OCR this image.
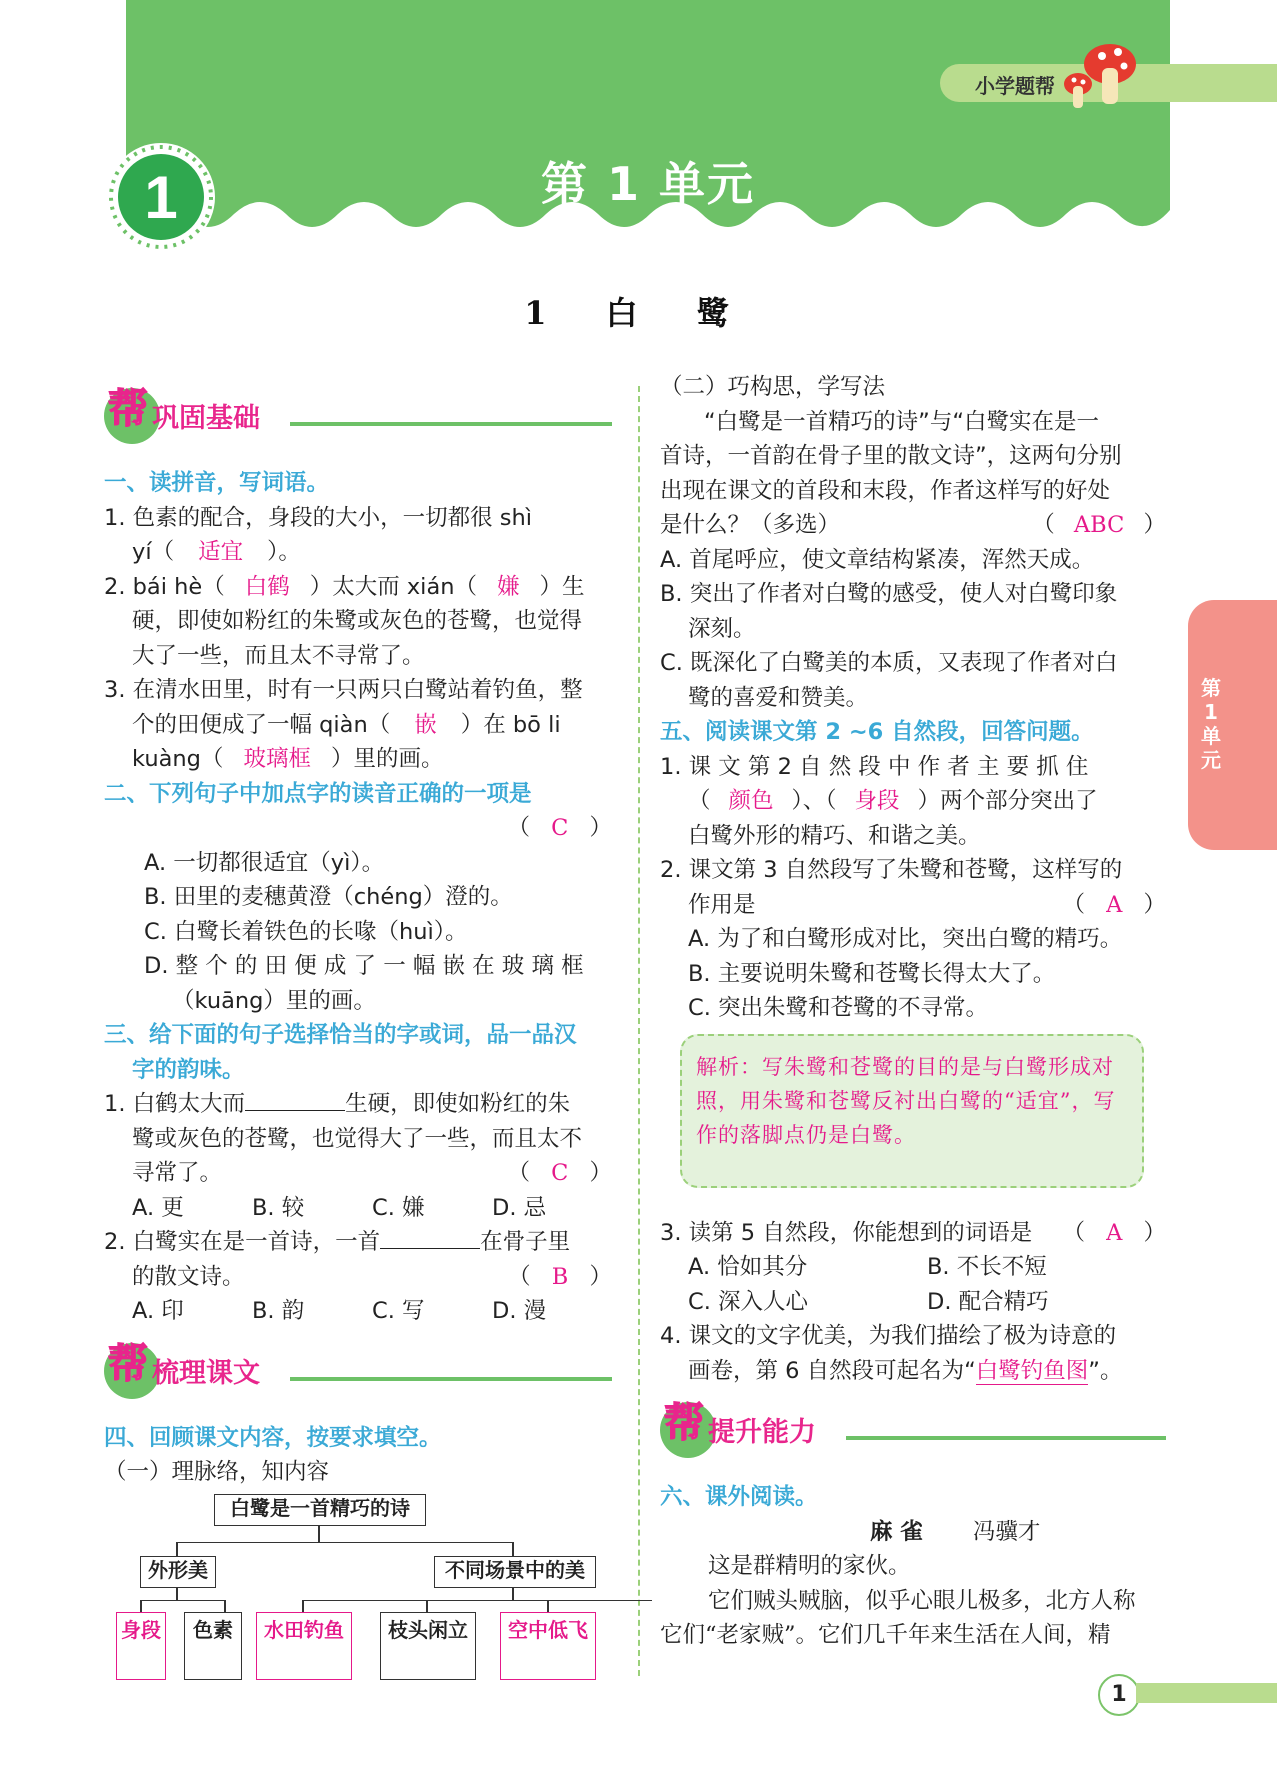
小学题帮
1	第 1 单元
1 白 鹭
第1单元
帮 巩固基础

一、读拼音，写词语。

1. 色素的配合，身段的大小，一切都很 shì

yí（ 适宜 ）。

2. bái hè（ 白鹤 ）太大而 xián（ 嫌 ）生

硬，即使如粉红的朱鹭或灰色的苍鹭，也觉得

大了一些，而且太不寻常了。

3. 在清水田里，时有一只两只白鹭站着钓鱼，整

个的田便成了一幅 qiàn（ 嵌 ）在 bō li

kuàng（ 玻璃框 ）里的画。

二、下列句子中加点字的读音正确的一项是

（ C ）

A. 一切都很适宜（yì）。

B. 田里的麦穗黄澄（chéng）澄的。

C. 白鹭长着铁色的长喙（huì）。

D. 整 个 的 田 便 成 了 一 幅 嵌 在 玻 璃 框

（kuāng）里的画。

三、给下面的句子选择恰当的字或词，品一品汉

字的韵味。

1. 白鹤太大而	生硬，即使如粉红的朱

鹭或灰色的苍鹭，也觉得大了一些，而且太不

寻常了。	（ C ）

A. 更	B. 较	C. 嫌	D. 忌

2. 白鹭实在是一首诗，一首	在骨子里

的散文诗。	（ B ）

A. 印	B. 韵	C. 写	D. 漫

帮 梳理课文

四、回顾课文内容，按要求填空。

（一）理脉络，知内容

白鹭是一首精巧的诗
外形美	不同场景中的美
身段	色素	水田钓鱼	枝头闲立	空中低飞

（二）巧构思，学写法

“白鹭是一首精巧的诗”与“白鹭实在是一

首诗，一首韵在骨子里的散文诗”，这两句分别

出现在课文的首段和末段，作者这样写的好处

是什么？（多选）	（ ABC ）

A. 首尾呼应，使文章结构紧凑，浑然天成。

B. 突出了作者对白鹭的感受，使人对白鹭印象

深刻。

C. 既深化了白鹭美的本质，又表现了作者对白

鹭的喜爱和赞美。

五、阅读课文第 2 ~6 自然段，回答问题。

1. 课 文 第 2 自 然 段 中 作 者 主 要 抓 住

（ 颜色 ）、（ 身段 ）两个部分突出了

白鹭外形的精巧、和谐之美。

2. 课文第 3 自然段写了朱鹭和苍鹭，这样写的

作用是	（ A ）

A. 为了和白鹭形成对比，突出白鹭的精巧。

B. 主要说明朱鹭和苍鹭长得太大了。

C. 突出朱鹭和苍鹭的不寻常。

解析：写朱鹭和苍鹭的目的是与白鹭形成对照，用朱鹭和苍鹭反衬出白鹭的“适宜”，写作的落脚点仍是白鹭。

3. 读第 5 自然段，你能想到的词语是 （ A ）

A. 恰如其分	B. 不长不短

C. 深入人心	D. 配合精巧

4. 课文的文字优美，为我们描绘了极为诗意的

画卷，第 6 自然段可起名为“白鹭钓鱼图”。

帮 提升能力

六、课外阅读。

麻 雀 冯骥才

这是群精明的家伙。

它们贼头贼脑，似乎心眼儿极多，北方人称

它们“老家贼”。它们几千年来生活在人间，精

1
